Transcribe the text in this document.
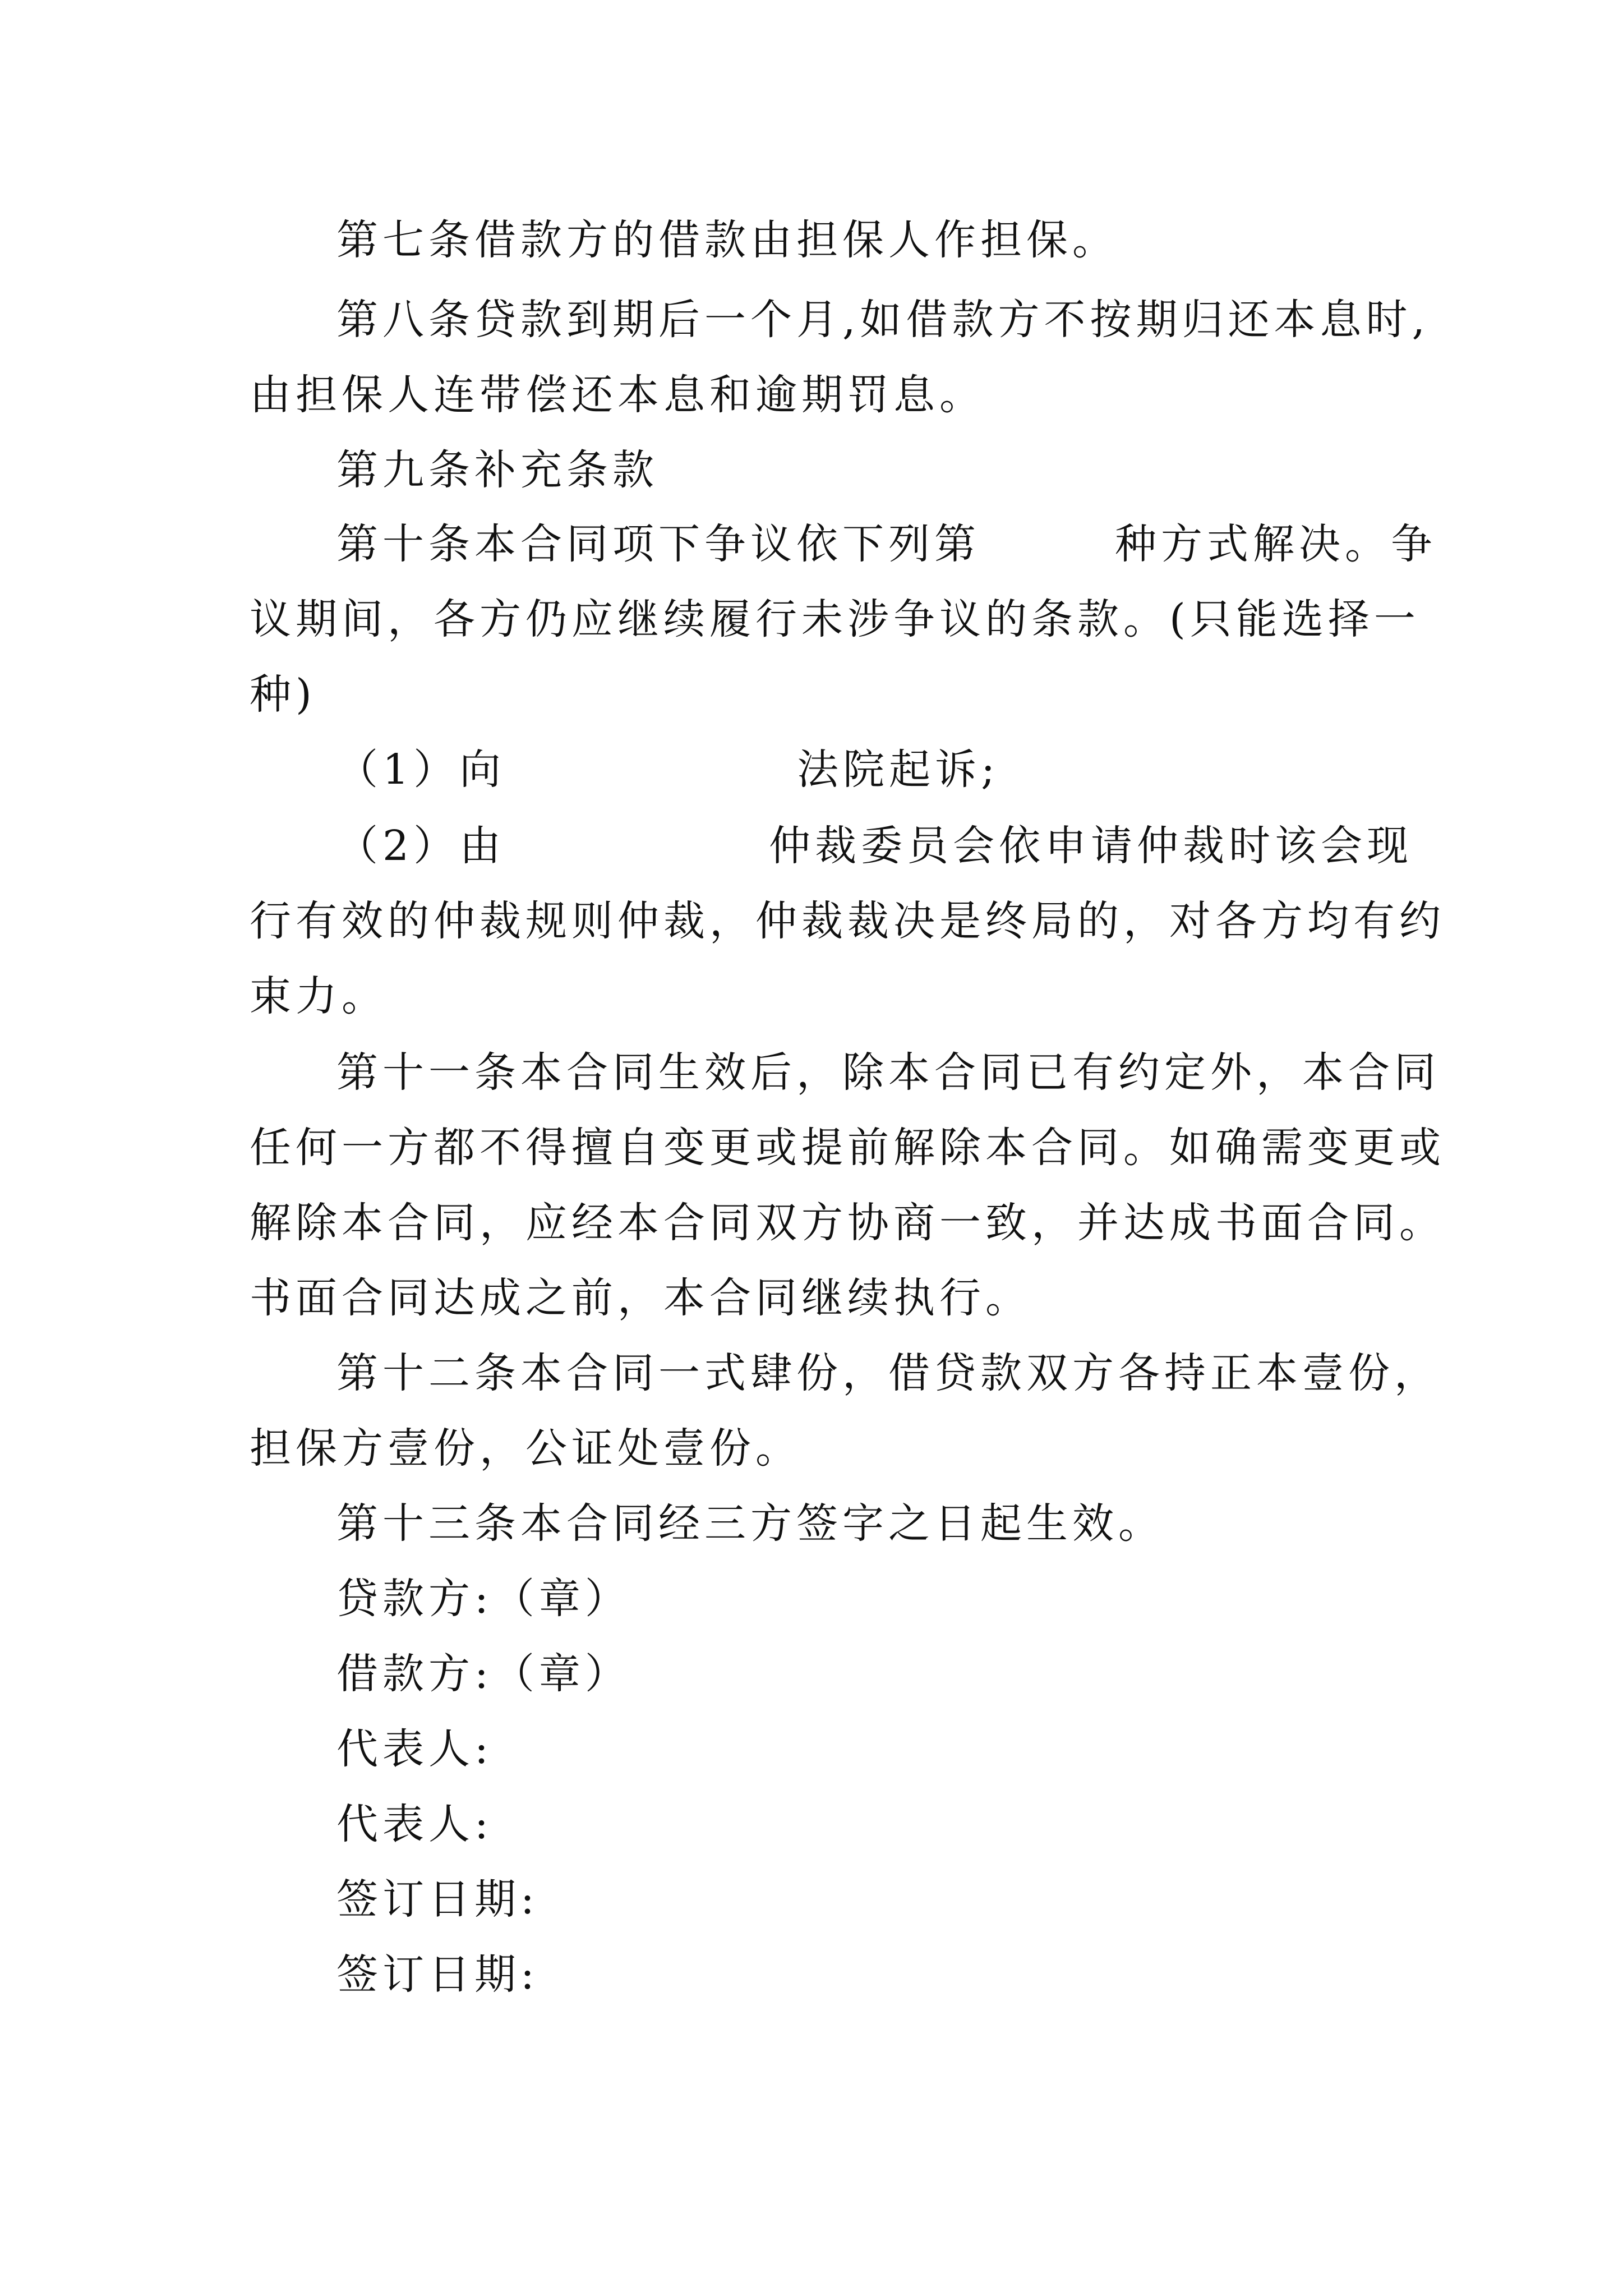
第七条借款方的借款由担保人作担保。
第八条贷款到期后一个月,如借款方不按期归还本息时,
由担保人连带偿还本息和逾期罚息。
第九条补充条款
第十条本合同项下争议依下列第	种方式解决。争
议期间，各方仍应继续履行未涉争议的条款。(只能选择一
种)
（1）向	法院起诉;
（2）由	仲裁委员会依申请仲裁时该会现
行有效的仲裁规则仲裁，仲裁裁决是终局的，对各方均有约
束力。
第十一条本合同生效后，除本合同已有约定外，本合同
任何一方都不得擅自变更或提前解除本合同。如确需变更或
解除本合同，应经本合同双方协商一致，并达成书面合同。
书面合同达成之前，本合同继续执行。
第十二条本合同一式肆份，借贷款双方各持正本壹份，
担保方壹份，公证处壹份。
第十三条本合同经三方签字之日起生效。
贷款方:（章）
借款方:（章）
代表人:
代表人:
签订日期:
签订日期:
